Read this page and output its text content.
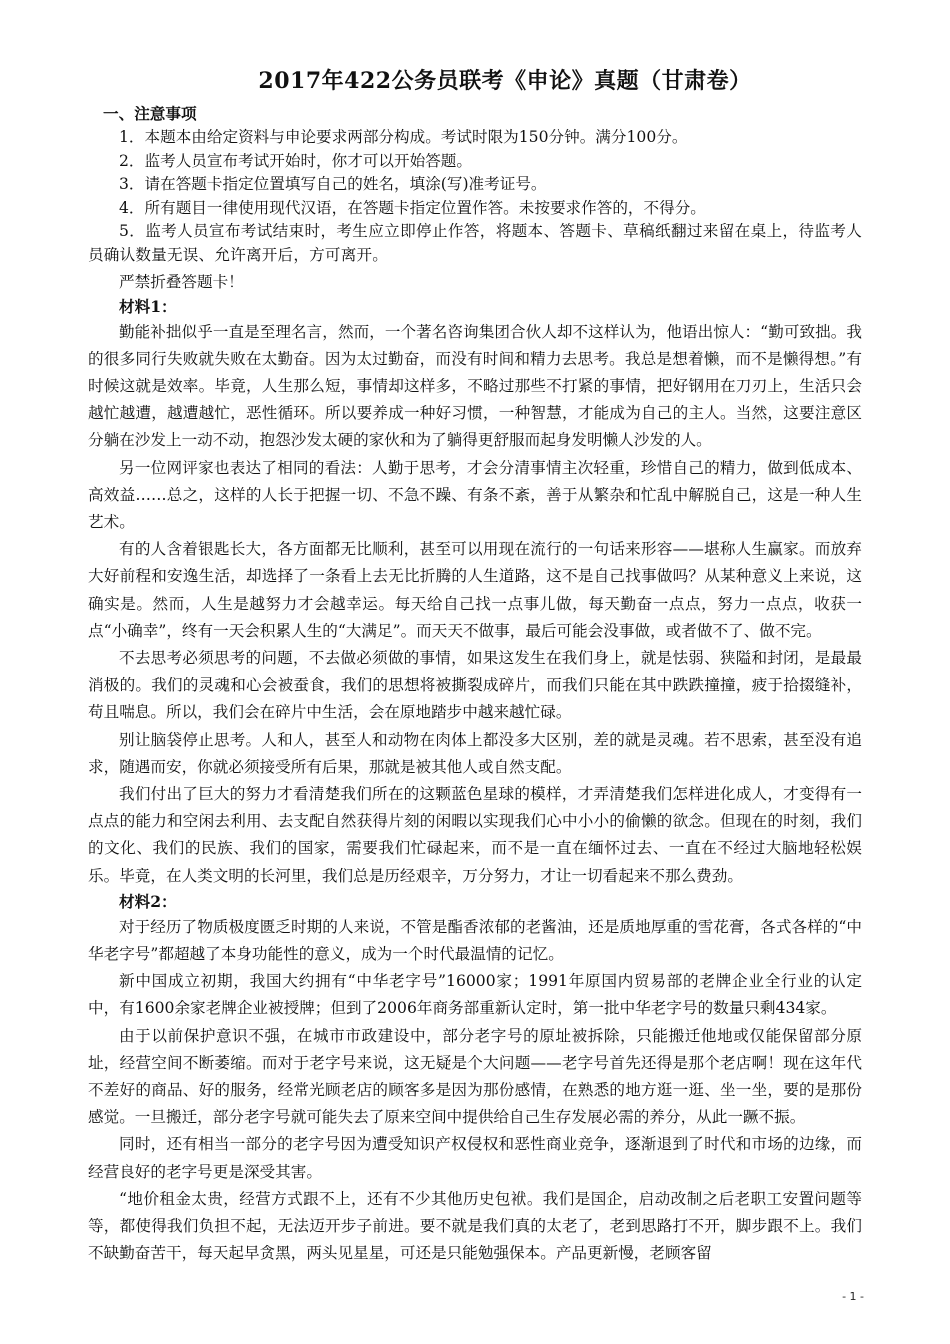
2017年422公务员联考《申论》真题（甘肃卷）

一、注意事项

1．本题本由给定资料与申论要求两部分构成。考试时限为150分钟。满分100分。

2．监考人员宣布考试开始时，你才可以开始答题。

3．请在答题卡指定位置填写自己的姓名，填涂(写)准考证号。

4．所有题目一律使用现代汉语，在答题卡指定位置作答。未按要求作答的，不得分。

5．监考人员宣布考试结束时，考生应立即停止作答，将题本、答题卡、草稿纸翻过来留在桌上，待监考人员确认数量无误、允许离开后，方可离开。

严禁折叠答题卡！

材料1：

勤能补拙似乎一直是至理名言，然而，一个著名咨询集团合伙人却不这样认为，他语出惊人：“勤可致拙。我的很多同行失败就失败在太勤奋。因为太过勤奋，而没有时间和精力去思考。我总是想着懒，而不是懒得想。”有时候这就是效率。毕竟，人生那么短，事情却这样多，不略过那些不打紧的事情，把好钢用在刀刃上，生活只会越忙越遭，越遭越忙，恶性循环。所以要养成一种好习惯，一种智慧，才能成为自己的主人。当然，这要注意区分躺在沙发上一动不动，抱怨沙发太硬的家伙和为了躺得更舒服而起身发明懒人沙发的人。

另一位网评家也表达了相同的看法：人勤于思考，才会分清事情主次轻重，珍惜自己的精力，做到低成本、高效益……总之，这样的人长于把握一切、不急不躁、有条不紊，善于从繁杂和忙乱中解脱自己，这是一种人生艺术。

有的人含着银匙长大，各方面都无比顺利，甚至可以用现在流行的一句话来形容——堪称人生赢家。而放弃大好前程和安逸生活，却选择了一条看上去无比折腾的人生道路，这不是自己找事做吗？从某种意义上来说，这确实是。然而，人生是越努力才会越幸运。每天给自己找一点事儿做，每天勤奋一点点，努力一点点，收获一点“小确幸”，终有一天会积累人生的“大满足”。而天天不做事，最后可能会没事做，或者做不了、做不完。

不去思考必须思考的问题，不去做必须做的事情，如果这发生在我们身上，就是怯弱、狭隘和封闭，是最最消极的。我们的灵魂和心会被蚕食，我们的思想将被撕裂成碎片，而我们只能在其中跌跌撞撞，疲于拾掇缝补，苟且喘息。所以，我们会在碎片中生活，会在原地踏步中越来越忙碌。

别让脑袋停止思考。人和人，甚至人和动物在肉体上都没多大区别，差的就是灵魂。若不思索，甚至没有追求，随遇而安，你就必须接受所有后果，那就是被其他人或自然支配。

我们付出了巨大的努力才看清楚我们所在的这颗蓝色星球的模样，才弄清楚我们怎样进化成人，才变得有一点点的能力和空闲去利用、去支配自然获得片刻的闲暇以实现我们心中小小的偷懒的欲念。但现在的时刻，我们的文化、我们的民族、我们的国家，需要我们忙碌起来，而不是一直在缅怀过去、一直在不经过大脑地轻松娱乐。毕竟，在人类文明的长河里，我们总是历经艰辛，万分努力，才让一切看起来不那么费劲。

材料2：

对于经历了物质极度匮乏时期的人来说，不管是酯香浓郁的老酱油，还是质地厚重的雪花膏，各式各样的“中华老字号”都超越了本身功能性的意义，成为一个时代最温情的记忆。

新中国成立初期，我国大约拥有“中华老字号”16000家；1991年原国内贸易部的老牌企业全行业的认定中，有1600余家老牌企业被授牌；但到了2006年商务部重新认定时，第一批中华老字号的数量只剩434家。

由于以前保护意识不强，在城市市政建设中，部分老字号的原址被拆除，只能搬迁他地或仅能保留部分原址，经营空间不断萎缩。而对于老字号来说，这无疑是个大问题——老字号首先还得是那个老店啊！现在这年代不差好的商品、好的服务，经常光顾老店的顾客多是因为那份感情，在熟悉的地方逛一逛、坐一坐，要的是那份感觉。一旦搬迁，部分老字号就可能失去了原来空间中提供给自己生存发展必需的养分，从此一蹶不振。

同时，还有相当一部分的老字号因为遭受知识产权侵权和恶性商业竞争，逐渐退到了时代和市场的边缘，而经营良好的老字号更是深受其害。

“地价租金太贵，经营方式跟不上，还有不少其他历史包袱。我们是国企，启动改制之后老职工安置问题等等，都使得我们负担不起，无法迈开步子前进。要不就是我们真的太老了，老到思路打不开，脚步跟不上。我们不缺勤奋苦干，每天起早贪黑，两头见星星，可还是只能勉强保本。产品更新慢，老顾客留

- 1 -
